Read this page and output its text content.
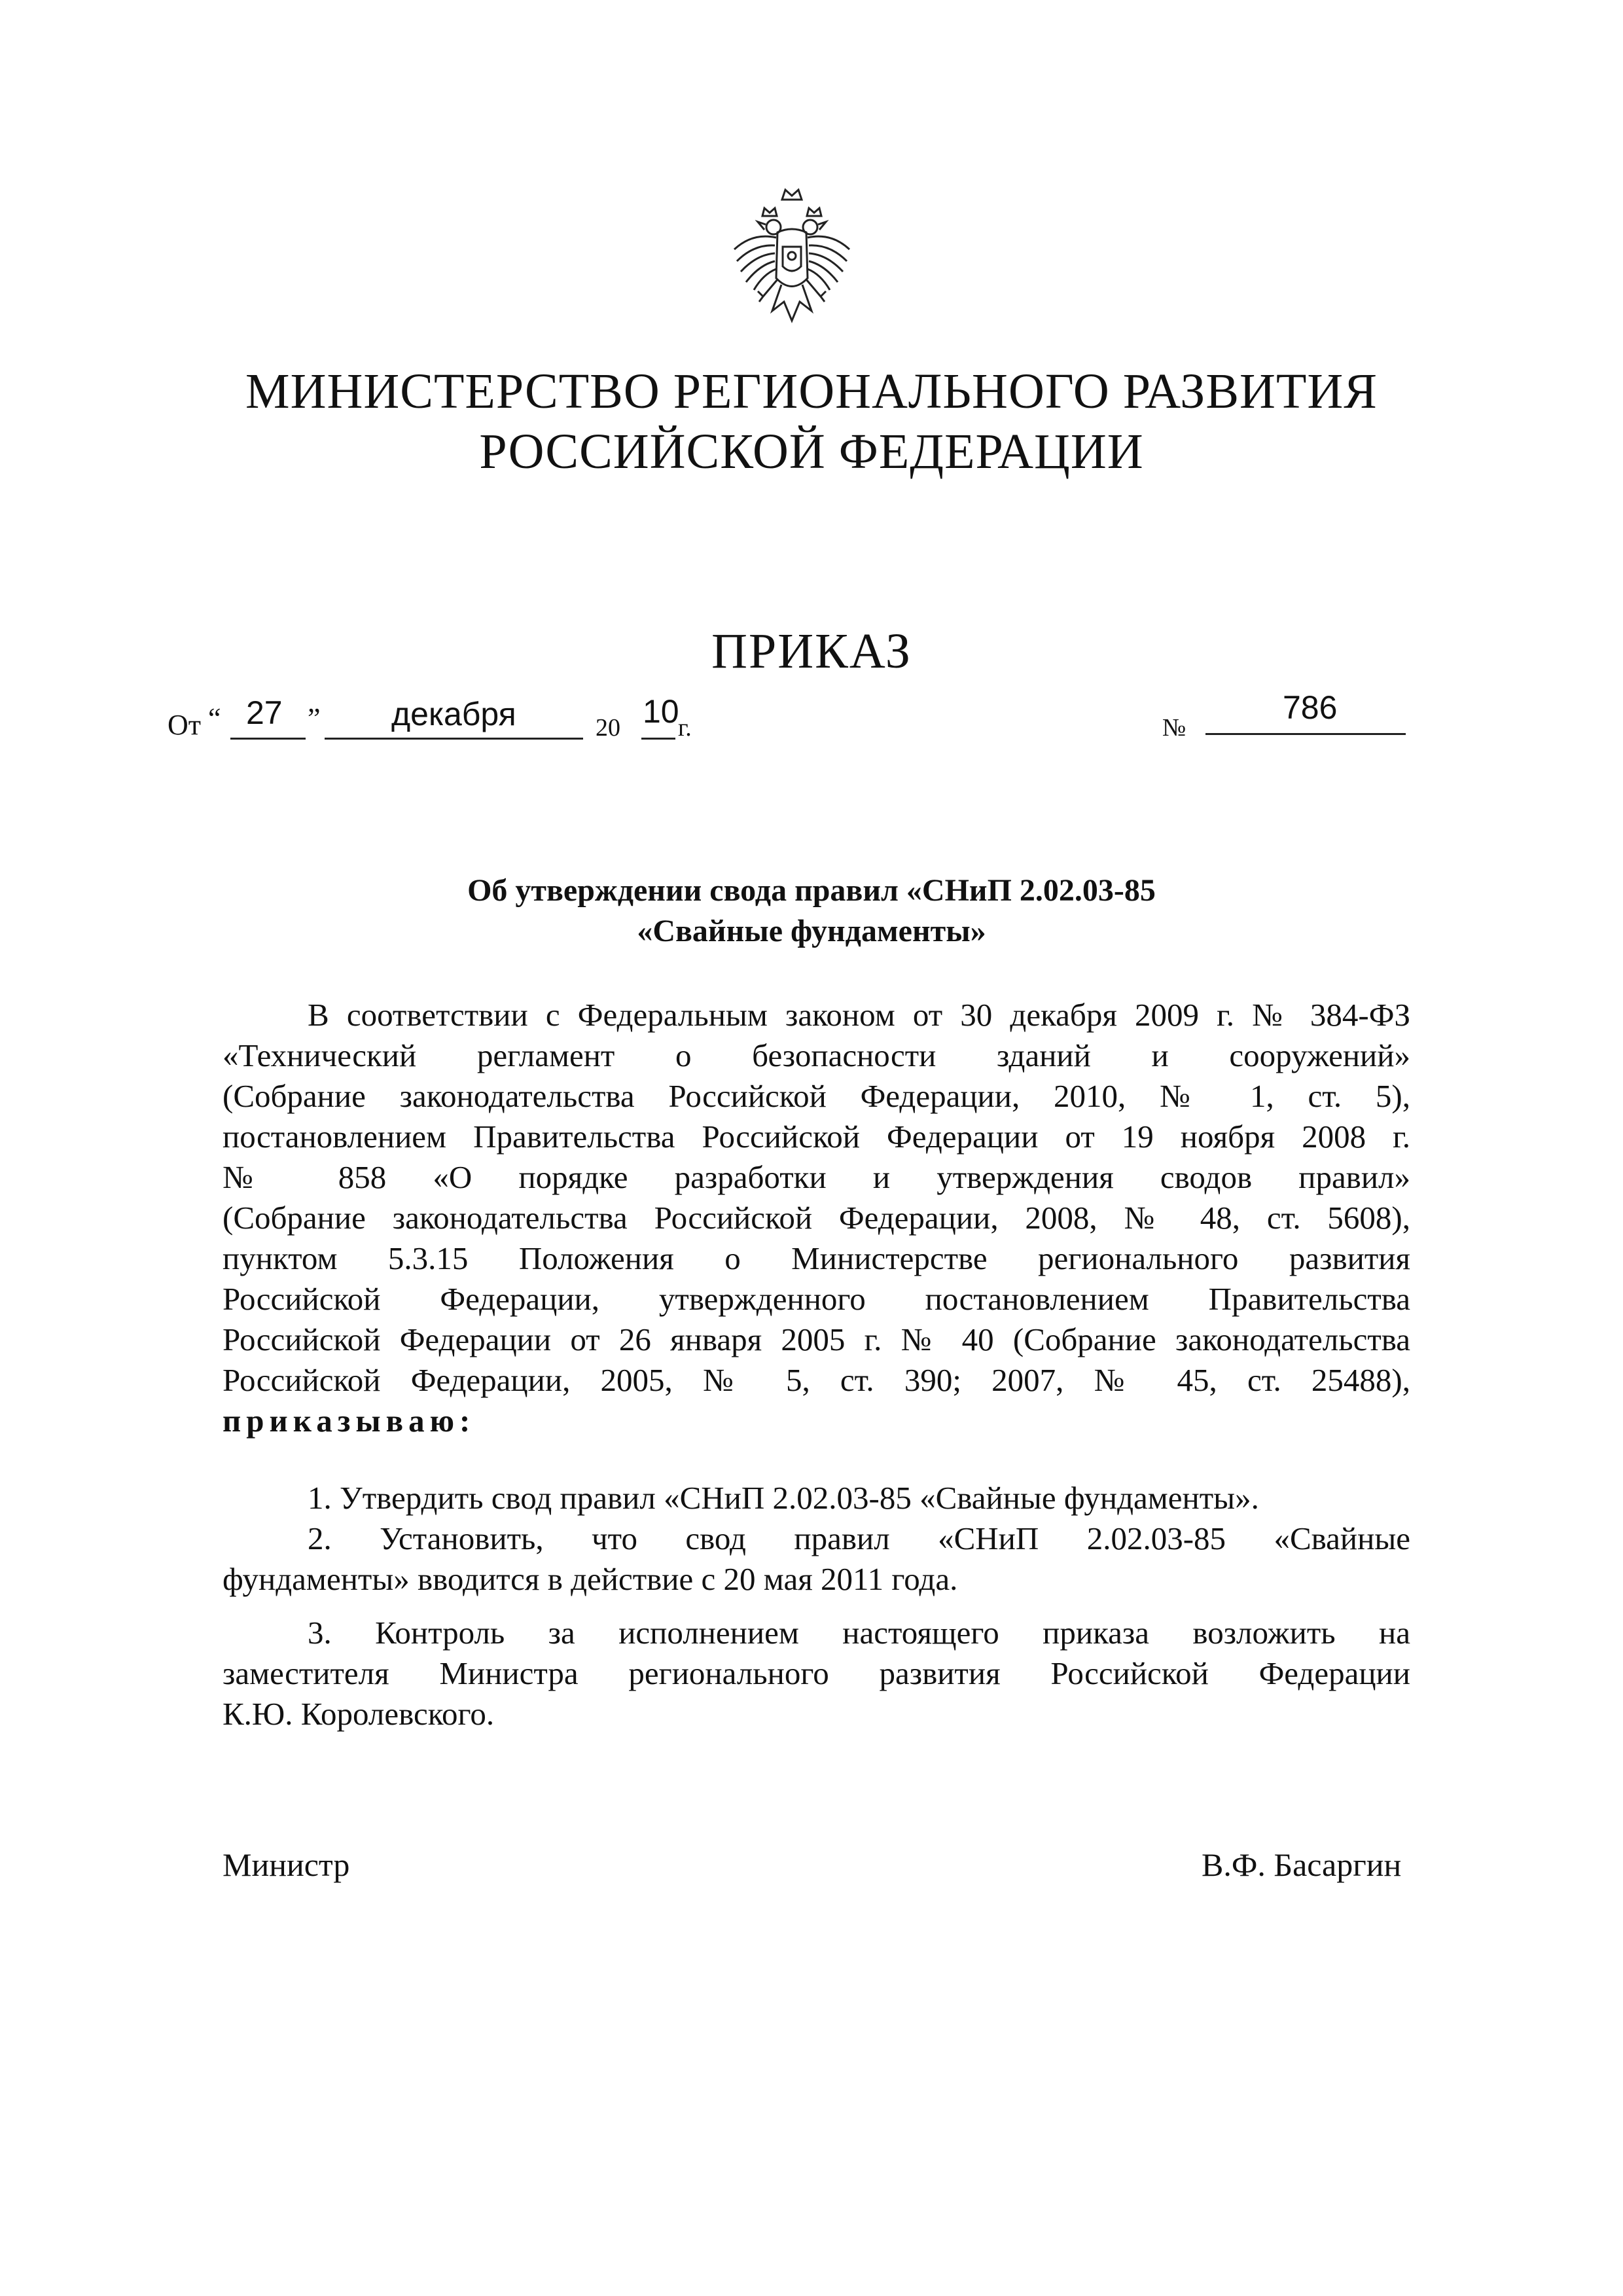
МИНИСТЕРСТВО РЕГИОНАЛЬНОГО РАЗВИТИЯ
РОССИЙСКОЙ ФЕДЕРАЦИИ
ПРИКАЗ
От “ 27 ” декабря	20 10
г.	№
786
Об утверждении свода правил «СНиП 2.02.03-85
«Свайные фундаменты»
В соответствии с Федеральным законом от 30 декабря 2009 г. № 384-ФЗ
«Технический регламент о безопасности зданий и сооружений»
(Собрание законодательства Российской Федерации, 2010, № 1, ст. 5),
постановлением Правительства Российской Федерации от 19 ноября 2008 г.
№ 858 «О порядке разработки и утверждения сводов правил»
(Собрание законодательства Российской Федерации, 2008, № 48, ст. 5608),
пунктом 5.3.15 Положения о Министерстве регионального развития
Российской Федерации, утвержденного постановлением Правительства
Российской Федерации от 26 января 2005 г. № 40 (Собрание законодательства
Российской Федерации, 2005, № 5, ст. 390; 2007, № 45, ст. 25488),
приказываю:
1. Утвердить свод правил «СНиП 2.02.03-85 «Свайные фундаменты».
2. Установить, что свод правил «СНиП 2.02.03-85 «Свайные
фундаменты» вводится в действие с 20 мая 2011 года.
3. Контроль за исполнением настоящего приказа возложить на
заместителя Министра регионального развития Российской Федерации
К.Ю. Королевского.
Министр	В.Ф. Басаргин
